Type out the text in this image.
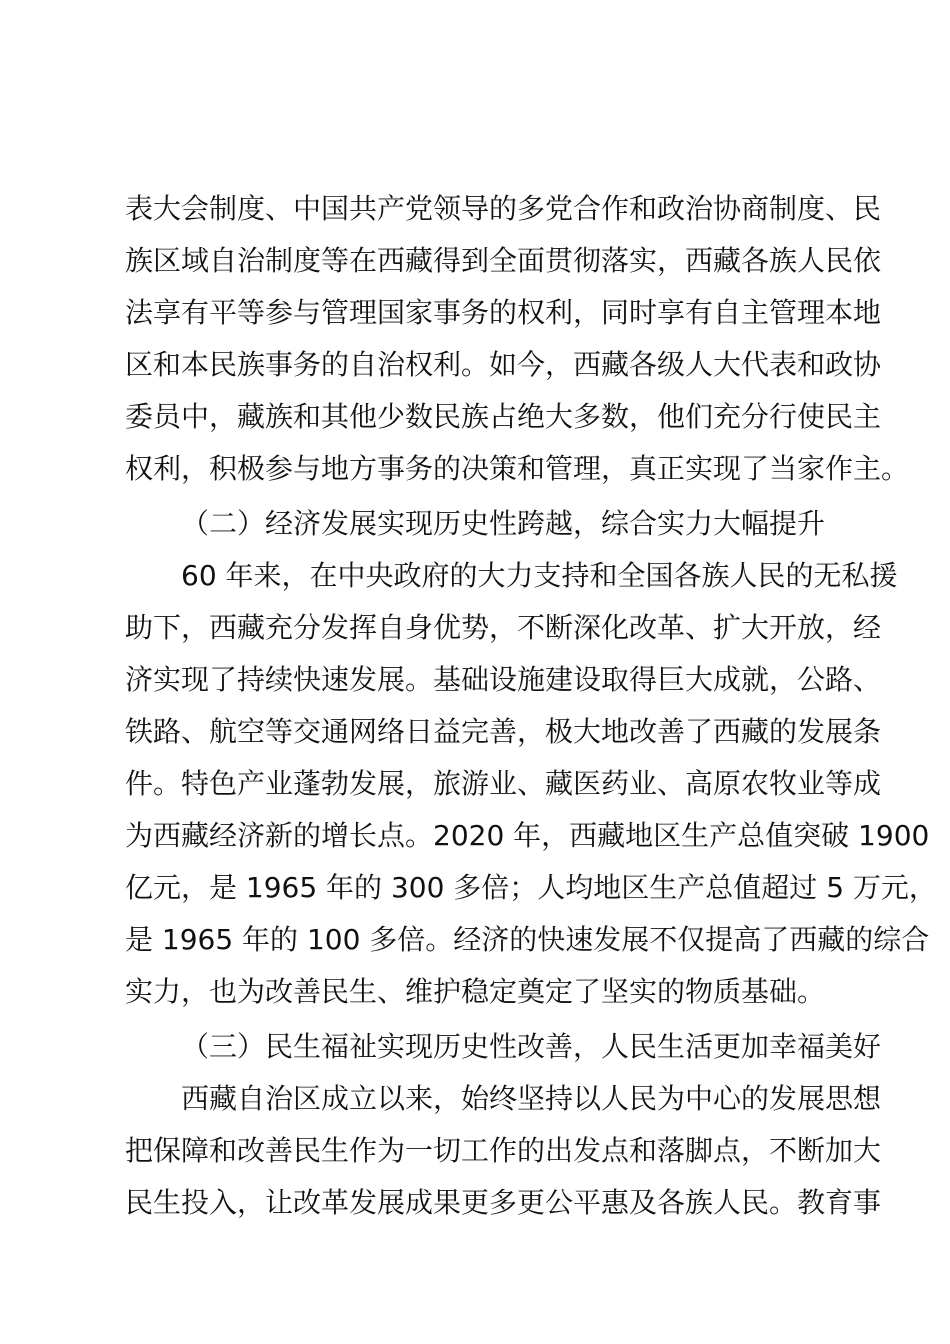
表大会制度、中国共产党领导的多党合作和政治协商制度、民
族区域自治制度等在西藏得到全面贯彻落实，西藏各族人民依
法享有平等参与管理国家事务的权利，同时享有自主管理本地
区和本民族事务的自治权利。如今，西藏各级人大代表和政协
委员中，藏族和其他少数民族占绝大多数，他们充分行使民主
权利，积极参与地方事务的决策和管理，真正实现了当家作主。
（二）经济发展实现历史性跨越，综合实力大幅提升
60 年来，在中央政府的大力支持和全国各族人民的无私援
助下，西藏充分发挥自身优势，不断深化改革、扩大开放，经
济实现了持续快速发展。基础设施建设取得巨大成就，公路、
铁路、航空等交通网络日益完善，极大地改善了西藏的发展条
件。特色产业蓬勃发展，旅游业、藏医药业、高原农牧业等成
为西藏经济新的增长点。2020 年，西藏地区生产总值突破 1900
亿元，是 1965 年的 300 多倍；人均地区生产总值超过 5 万元，
是 1965 年的 100 多倍。经济的快速发展不仅提高了西藏的综合
实力，也为改善民生、维护稳定奠定了坚实的物质基础。
（三）民生福祉实现历史性改善，人民生活更加幸福美好
西藏自治区成立以来，始终坚持以人民为中心的发展思想
把保障和改善民生作为一切工作的出发点和落脚点，不断加大
民生投入，让改革发展成果更多更公平惠及各族人民。教育事
